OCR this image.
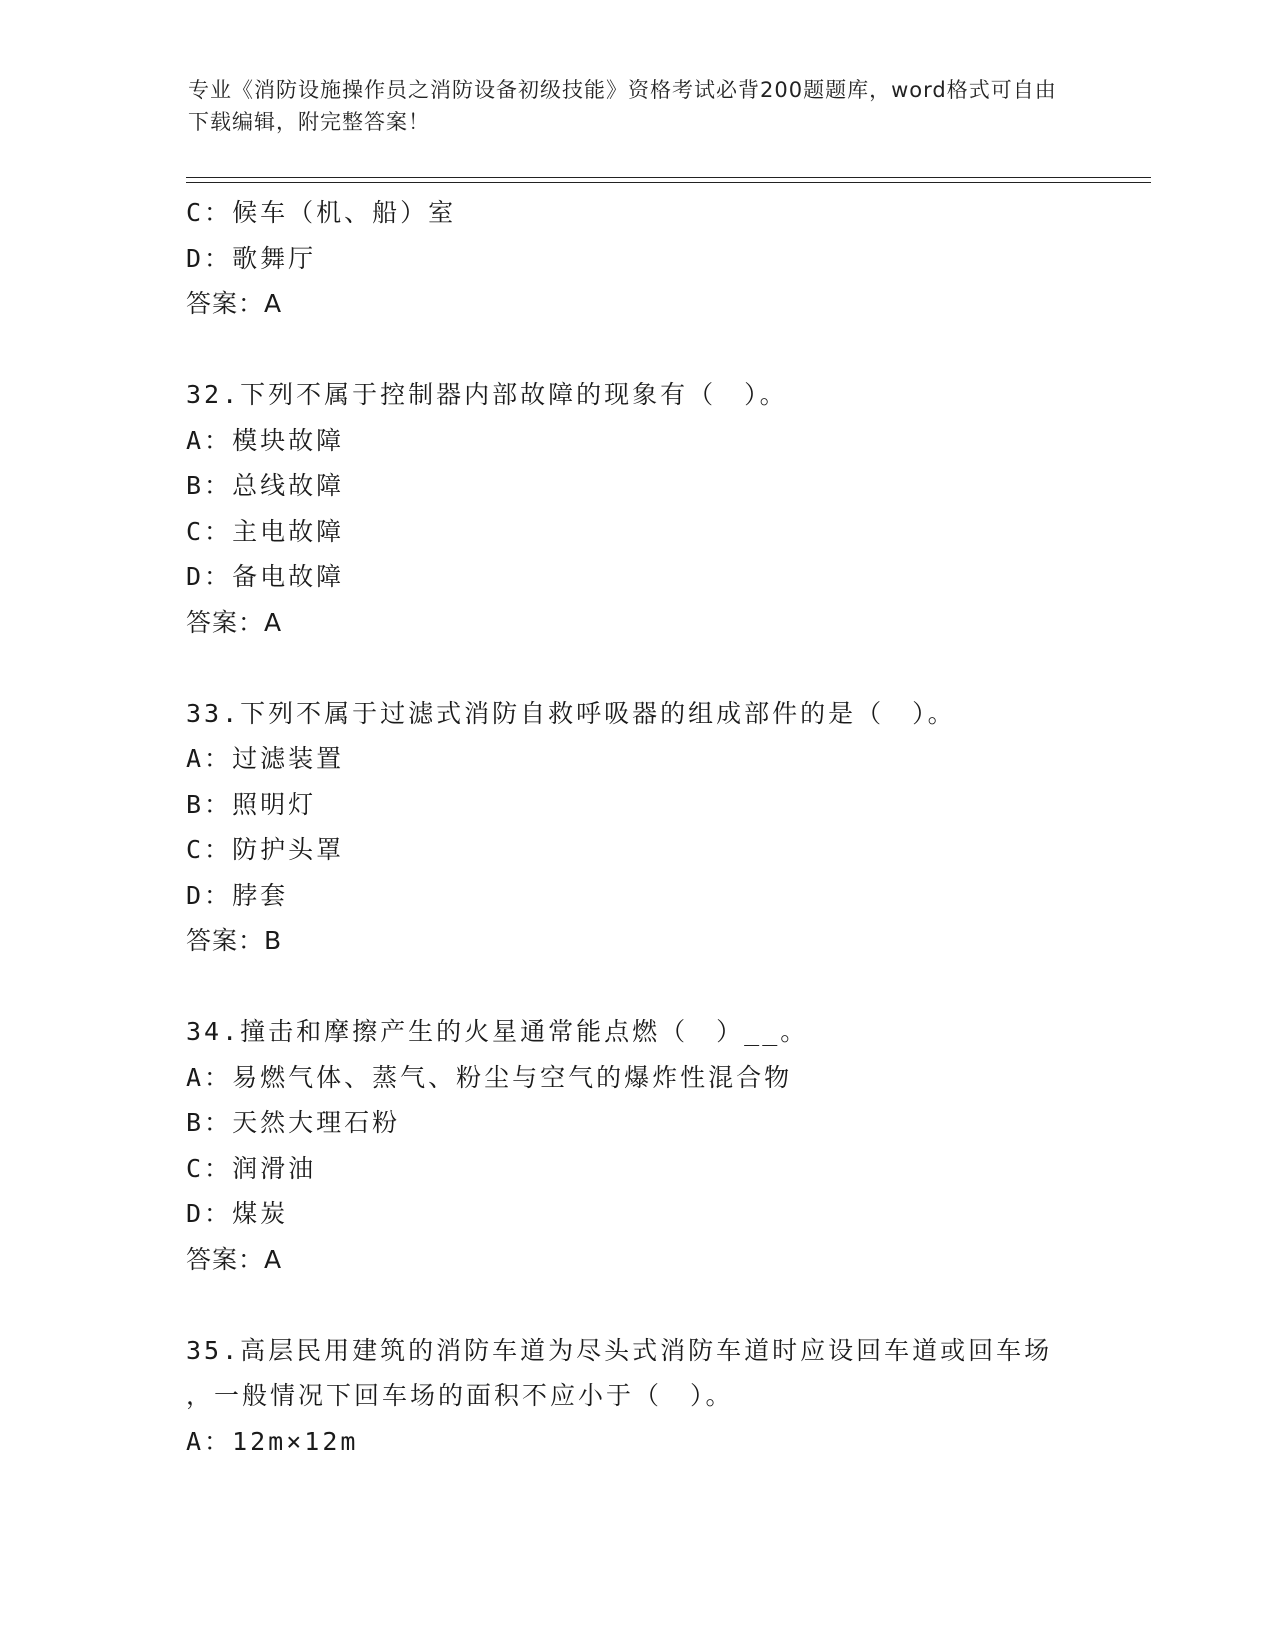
专业《消防设施操作员之消防设备初级技能》资格考试必背200题题库，word格式可自由下载编辑，附完整答案！
C：候车（机、船）室
D：歌舞厅
答案：A
32.下列不属于控制器内部故障的现象有（　）。
A：模块故障
B：总线故障
C：主电故障
D：备电故障
答案：A
33.下列不属于过滤式消防自救呼吸器的组成部件的是（　）。
A：过滤装置
B：照明灯
C：防护头罩
D：脖套
答案：B
34.撞击和摩擦产生的火星通常能点燃（　）__。
A：易燃气体、蒸气、粉尘与空气的爆炸性混合物
B：天然大理石粉
C：润滑油
D：煤炭
答案：A
35.高层民用建筑的消防车道为尽头式消防车道时应设回车道或回车场
，一般情况下回车场的面积不应小于（　）。
A：12m×12m
